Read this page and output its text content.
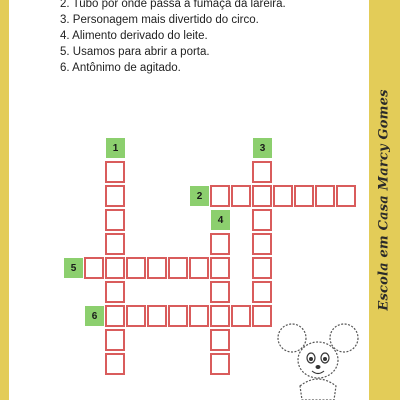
Escola em Casa Marcy Gomes
2. Tubo por onde passa a fumaça da lareira.
3. Personagem mais divertido do circo.
4. Alimento derivado do leite.
5. Usamos para abrir a porta.
6. Antônimo de agitado.
1
2
3
4
5
6
